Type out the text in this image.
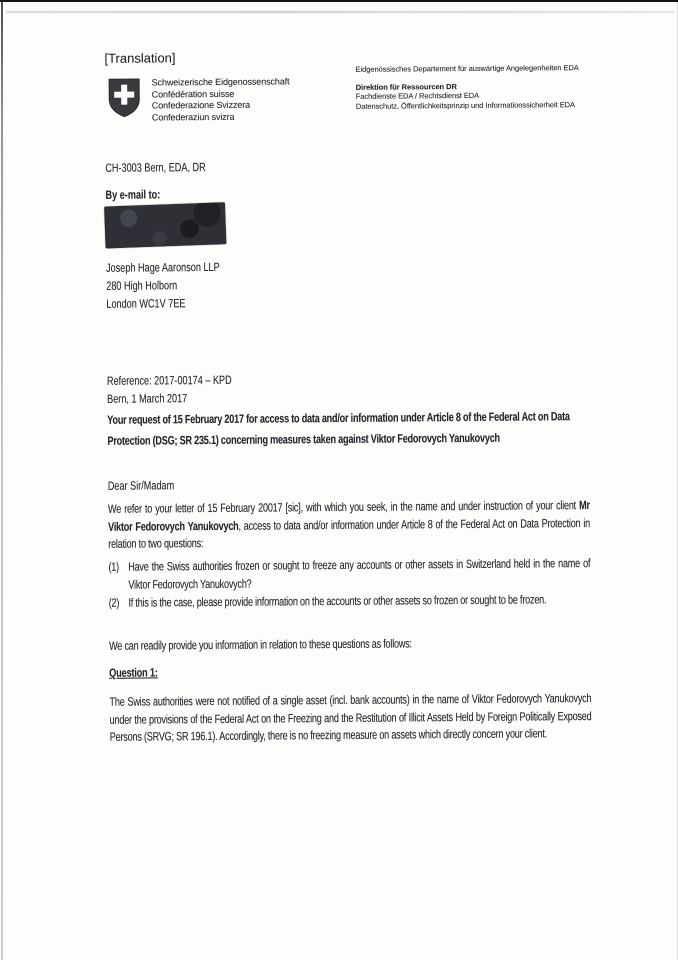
[Translation]
Schweizerische Eidgenossenschaft
Confédération suisse
Confederazione Svizzera
Confederaziun svizra
Eidgenössisches Departement für auswärtige Angelegenheiten EDA
Direktion für Ressourcen DR
Fachdienste EDA / Rechtsdienst EDA
Datenschutz, Öffentlichkeitsprinzip und Informationssicherheit EDA
CH-3003 Bern, EDA, DR
By e-mail to:
Joseph Hage Aaronson LLP
280 High Holborn
London WC1V 7EE
Reference: 2017-00174 – KPD
Bern, 1 March 2017
Your request of 15 February 2017 for access to data and/or information under Article 8 of the Federal Act on Data Protection (DSG; SR 235.1) concerning measures taken against Viktor Fedorovych Yanukovych
Dear Sir/Madam
We refer to your letter of 15 February 20017 [sic], with which you seek, in the name and under instruction of your client Mr Viktor Fedorovych Yanukovych, access to data and/or information under Article 8 of the Federal Act on Data Protection in relation to two questions:
(1) Have the Swiss authorities frozen or sought to freeze any accounts or other assets in Switzerland held in the name of Viktor Fedorovych Yanukovych?
(2) If this is the case, please provide information on the accounts or other assets so frozen or sought to be frozen.
We can readily provide you information in relation to these questions as follows:
Question 1:
The Swiss authorities were not notified of a single asset (incl. bank accounts) in the name of Viktor Fedorovych Yanukovych under the provisions of the Federal Act on the Freezing and the Restitution of Illicit Assets Held by Foreign Politically Exposed Persons (SRVG; SR 196.1). Accordingly, there is no freezing measure on assets which directly concern your client.
